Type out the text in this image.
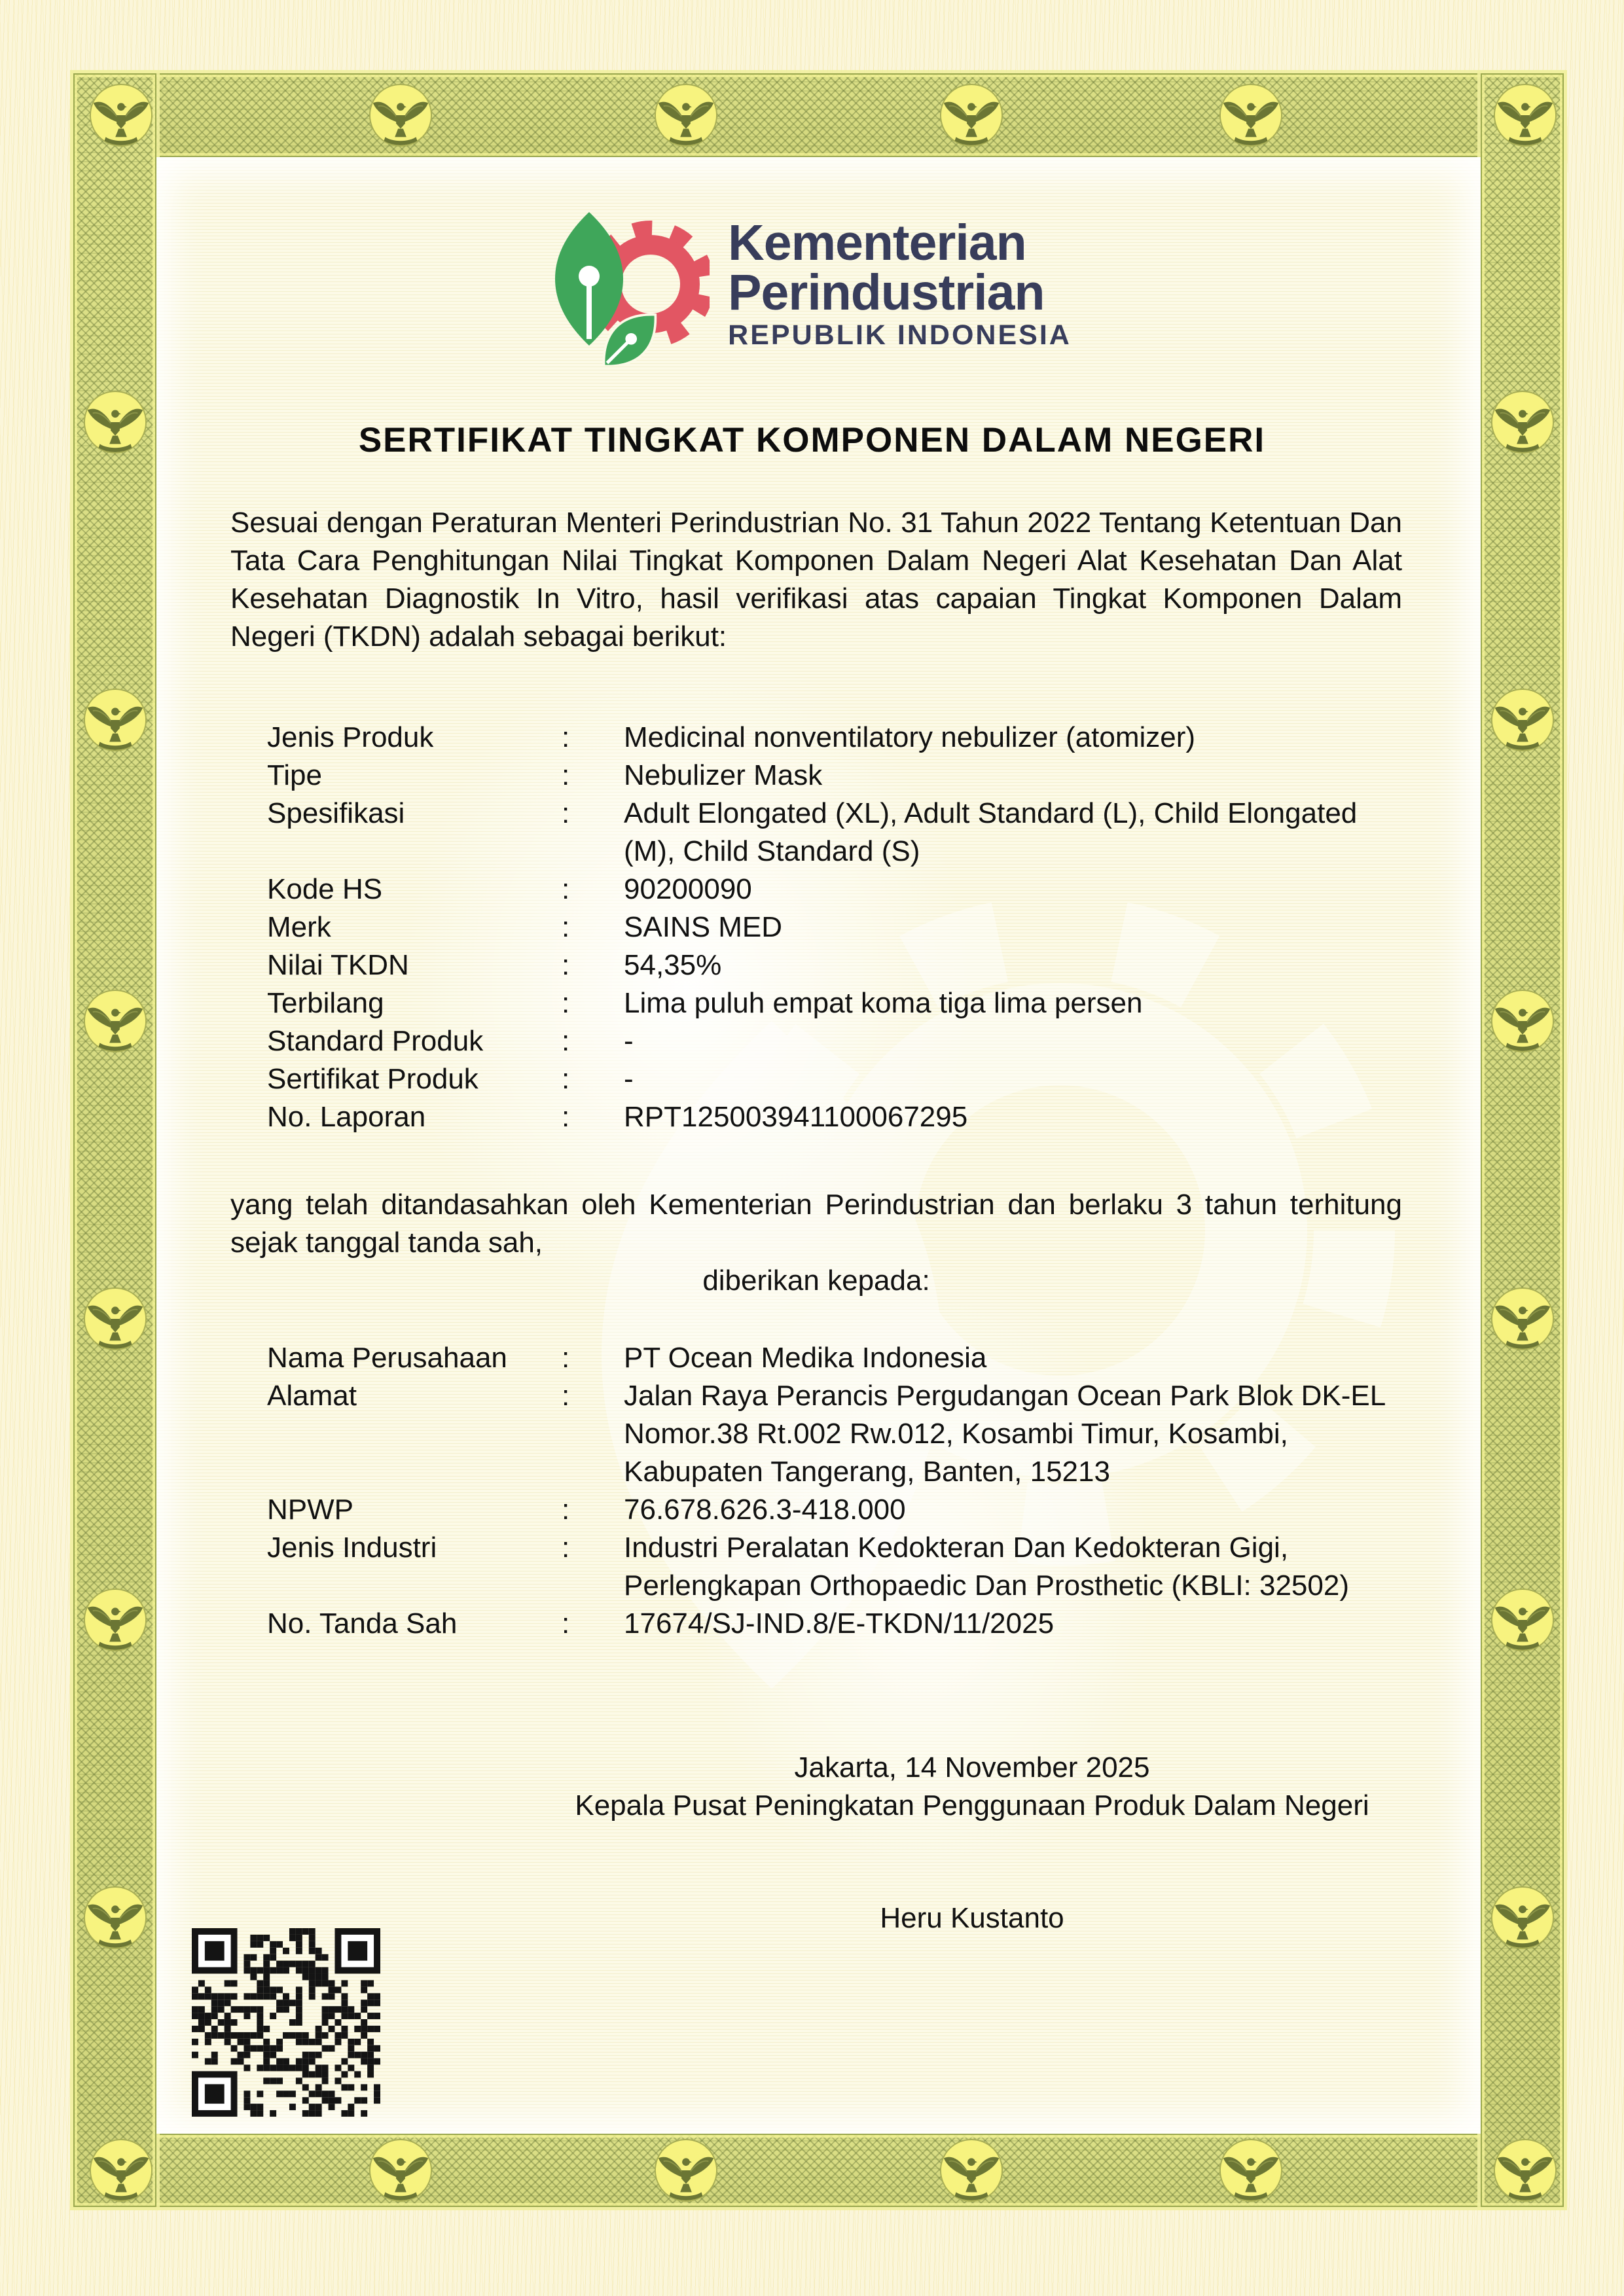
Kementerian
Perindustrian
REPUBLIK INDONESIA
SERTIFIKAT TINGKAT KOMPONEN DALAM NEGERI
Sesuai dengan Peraturan Menteri Perindustrian No. 31 Tahun 2022 Tentang Ketentuan Dan Tata Cara Penghitungan Nilai Tingkat Komponen Dalam Negeri Alat Kesehatan Dan Alat Kesehatan Diagnostik In Vitro, hasil verifikasi atas capaian Tingkat Komponen Dalam Negeri (TKDN) adalah sebagai berikut:
Jenis Produk	:	Medicinal nonventilatory nebulizer (atomizer)
Tipe	:	Nebulizer Mask
Spesifikasi	:	Adult Elongated (XL), Adult Standard (L), Child Elongated (M), Child Standard (S)
Kode HS	:	90200090
Merk	:	SAINS MED
Nilai TKDN	:	54,35%
Terbilang	:	Lima puluh empat koma tiga lima persen
Standard Produk	:	-
Sertifikat Produk	:	-
No. Laporan	:	RPT125003941100067295
yang telah ditandasahkan oleh Kementerian Perindustrian dan berlaku 3 tahun terhitung sejak tanggal tanda sah,
diberikan kepada:
Nama Perusahaan	:	PT Ocean Medika Indonesia
Alamat	:	Jalan Raya Perancis Pergudangan Ocean Park Blok DK-EL Nomor.38 Rt.002 Rw.012, Kosambi Timur, Kosambi, Kabupaten Tangerang, Banten, 15213
NPWP	:	76.678.626.3-418.000
Jenis Industri	:	Industri Peralatan Kedokteran Dan Kedokteran Gigi, Perlengkapan Orthopaedic Dan Prosthetic (KBLI: 32502)
No. Tanda Sah	:	17674/SJ-IND.8/E-TKDN/11/2025
Jakarta, 14 November 2025
Kepala Pusat Peningkatan Penggunaan Produk Dalam Negeri
Heru Kustanto
